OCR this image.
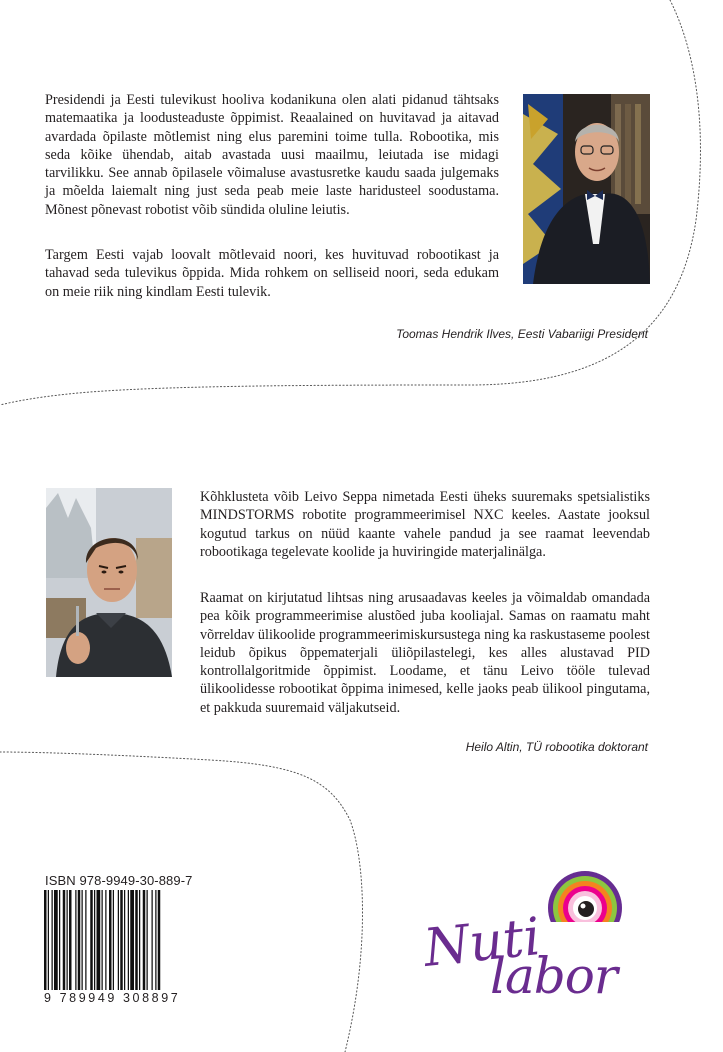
Presidendi ja Eesti tulevikust hooliva kodanikuna olen alati pidanud tähtsaks matemaatika ja loodusteaduste õppimist. Reaalained on huvitavad ja aitavad avardada õpilaste mõtlemist ning elus paremini toime tulla. Robootika, mis seda kõike ühendab, aitab avastada uusi maailmu, leiutada ise midagi tarvilikku. See annab õpilasele võimaluse avastusretke kaudu saada julgemaks ja mõelda laiemalt ning just seda peab meie laste haridusteel soodustama. Mõnest põnevast robotist võib sündida oluline leiutis.

Targem Eesti vajab loovalt mõtlevaid noori, kes huvituvad robootikast ja tahavad seda tulevikus õppida. Mida rohkem on selliseid noori, seda edukam on meie riik ning kindlam Eesti tulevik.

Toomas Hendrik Ilves, Eesti Vabariigi President

Kõhklusteta võib Leivo Seppa nimetada Eesti üheks suuremaks spetsialistiks MINDSTORMS robotite programmeerimisel NXC keeles. Aastate jooksul kogutud tarkus on nüüd kaante vahele pandud ja see raamat leevendab robootikaga tegelevate koolide ja huviringide materjalinälga.

Raamat on kirjutatud lihtsas ning arusaadavas keeles ja võimaldab omandada pea kõik programmeerimise alustõed juba kooliajal. Samas on raamatu maht võrreldav ülikoolide programmeerimiskursustega ning ka raskustaseme poolest leidub õpikus õppematerjali üliõpilastelegi, kes alles alustavad PID kontrollalgoritmide õppimist. Loodame, et tänu Leivo tööle tulevad ülikoolidesse robootikat õppima inimesed, kelle jaoks peab ülikool pingutama, et pakkuda suuremaid väljakutseid.

Heilo Altin, TÜ robootika doktorant

ISBN 978-9949-30-889-7

9 789949 308897

Nuti
labor
